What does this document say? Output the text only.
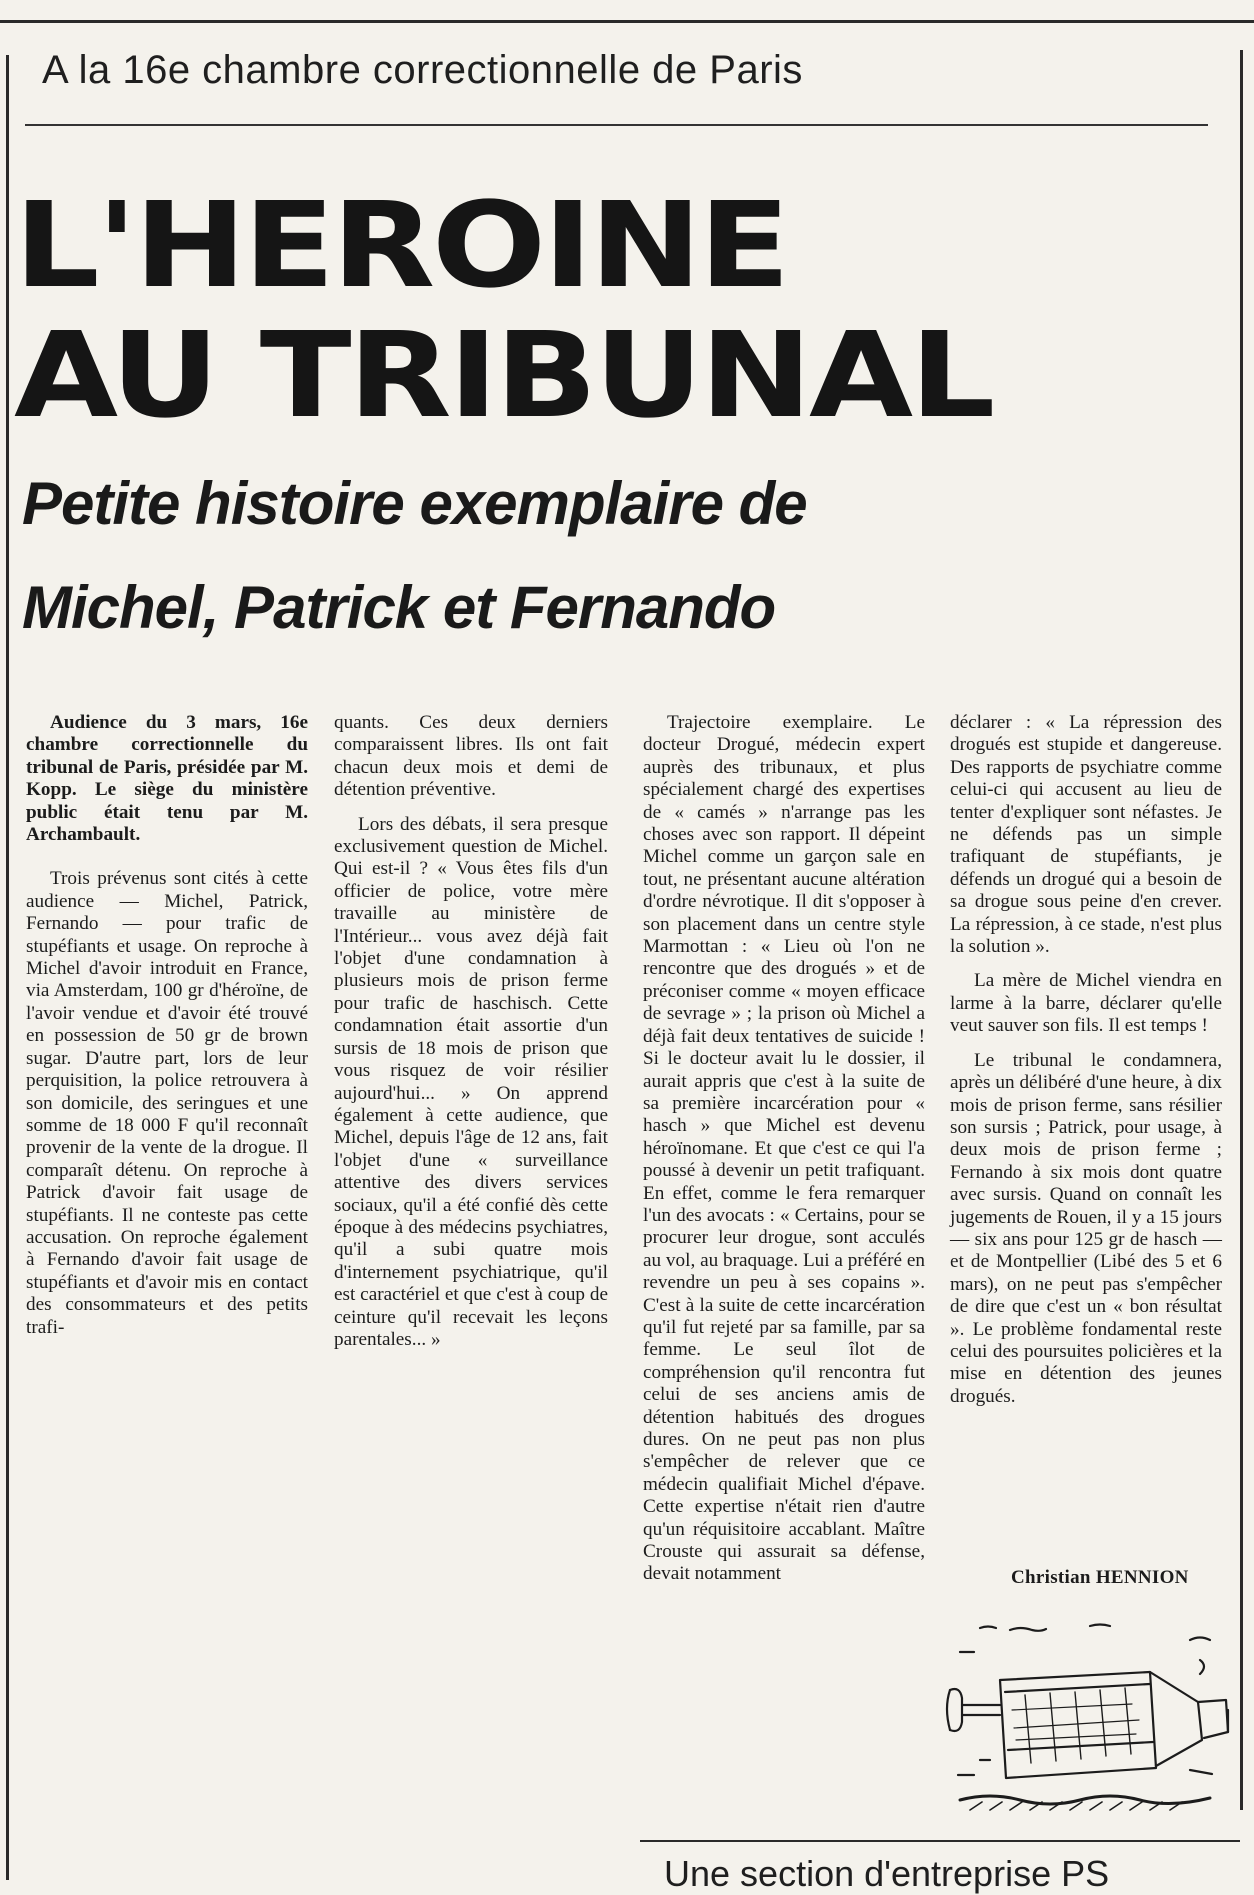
A la 16e chambre correctionnelle de Paris
L'HEROINE
AU TRIBUNAL
Petite histoire exemplaire de
Michel, Patrick et Fernando

Audience du 3 mars, 16e chambre correctionnelle du tribunal de Paris, présidée par M. Kopp. Le siège du ministère public était tenu par M. Archambault.

Trois prévenus sont cités à cette audience — Michel, Patrick, Fernando — pour trafic de stupéfiants et usage. On reproche à Michel d'avoir introduit en France, via Amsterdam, 100 gr d'héroïne, de l'avoir vendue et d'avoir été trouvé en possession de 50 gr de brown sugar. D'autre part, lors de leur perquisition, la police retrouvera à son domicile, des seringues et une somme de 18 000 F qu'il reconnaît provenir de la vente de la drogue. Il comparaît détenu. On reproche à Patrick d'avoir fait usage de stupéfiants. Il ne conteste pas cette accusation. On reproche également à Fernando d'avoir fait usage de stupéfiants et d'avoir mis en contact des consommateurs et des petits trafi-

quants. Ces deux derniers comparaissent libres. Ils ont fait chacun deux mois et demi de détention préventive.

Lors des débats, il sera presque exclusivement question de Michel. Qui est-il ? « Vous êtes fils d'un officier de police, votre mère travaille au ministère de l'Intérieur... vous avez déjà fait l'objet d'une condamnation à plusieurs mois de prison ferme pour trafic de haschisch. Cette condamnation était assortie d'un sursis de 18 mois de prison que vous risquez de voir résilier aujourd'hui... » On apprend également à cette audience, que Michel, depuis l'âge de 12 ans, fait l'objet d'une « surveillance attentive des divers services sociaux, qu'il a été confié dès cette époque à des médecins psychiatres, qu'il a subi quatre mois d'internement psychiatrique, qu'il est caractériel et que c'est à coup de ceinture qu'il recevait les leçons parentales... »

Trajectoire exemplaire. Le docteur Drogué, médecin expert auprès des tribunaux, et plus spécialement chargé des expertises de « camés » n'arrange pas les choses avec son rapport. Il dépeint Michel comme un garçon sale en tout, ne présentant aucune altération d'ordre névrotique. Il dit s'opposer à son placement dans un centre style Marmottan : « Lieu où l'on ne rencontre que des drogués » et de préconiser comme « moyen efficace de sevrage » ; la prison où Michel a déjà fait deux tentatives de suicide ! Si le docteur avait lu le dossier, il aurait appris que c'est à la suite de sa première incarcération pour « hasch » que Michel est devenu héroïnomane. Et que c'est ce qui l'a poussé à devenir un petit trafiquant. En effet, comme le fera remarquer l'un des avocats : « Certains, pour se procurer leur drogue, sont acculés au vol, au braquage. Lui a préféré en revendre un peu à ses copains ». C'est à la suite de cette incarcération qu'il fut rejeté par sa famille, par sa femme. Le seul îlot de compréhension qu'il rencontra fut celui de ses anciens amis de détention habitués des drogues dures. On ne peut pas non plus s'empêcher de relever que ce médecin qualifiait Michel d'épave. Cette expertise n'était rien d'autre qu'un réquisitoire accablant. Maître Crouste qui assurait sa défense, devait notamment

déclarer : « La répression des drogués est stupide et dangereuse. Des rapports de psychiatre comme celui-ci qui accusent au lieu de tenter d'expliquer sont néfastes. Je ne défends pas un simple trafiquant de stupéfiants, je défends un drogué qui a besoin de sa drogue sous peine d'en crever. La répression, à ce stade, n'est plus la solution ».

La mère de Michel viendra en larme à la barre, déclarer qu'elle veut sauver son fils. Il est temps !

Le tribunal le condamnera, après un délibéré d'une heure, à dix mois de prison ferme, sans résilier son sursis ; Patrick, pour usage, à deux mois de prison ferme ; Fernando à six mois dont quatre avec sursis. Quand on connaît les jugements de Rouen, il y a 15 jours — six ans pour 125 gr de hasch — et de Montpellier (Libé des 5 et 6 mars), on ne peut pas s'empêcher de dire que c'est un « bon résultat ». Le problème fondamental reste celui des poursuites policières et la mise en détention des jeunes drogués.

Christian HENNION
Une section d'entreprise PS
